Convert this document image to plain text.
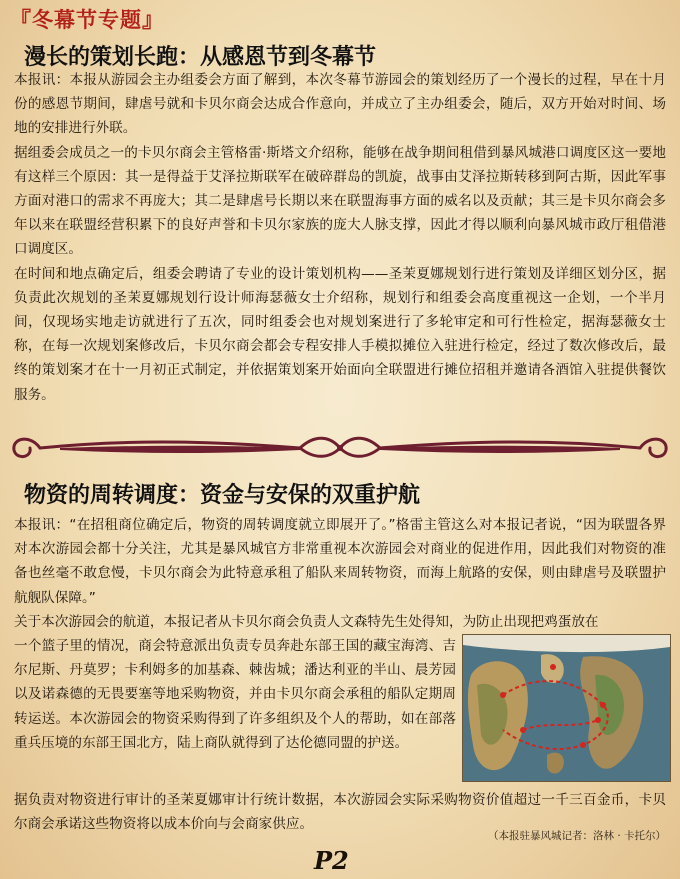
『冬幕节专题』
漫长的策划长跑：从感恩节到冬幕节

本报讯：本报从游园会主办组委会方面了解到，本次冬幕节游园会的策划经历了一个漫长的过程，早在十月份的感恩节期间，肆虐号就和卡贝尔商会达成合作意向，并成立了主办组委会，随后，双方开始对时间、场地的安排进行外联。

据组委会成员之一的卡贝尔商会主管格雷·斯塔文介绍称，能够在战争期间租借到暴风城港口调度区这一要地有这样三个原因：其一是得益于艾泽拉斯联军在破碎群岛的凯旋，战事由艾泽拉斯转移到阿古斯，因此军事方面对港口的需求不再庞大；其二是肆虐号长期以来在联盟海事方面的威名以及贡献；其三是卡贝尔商会多年以来在联盟经营积累下的良好声誉和卡贝尔家族的庞大人脉支撑，因此才得以顺利向暴风城市政厅租借港口调度区。

在时间和地点确定后，组委会聘请了专业的设计策划机构——圣茉夏娜规划行进行策划及详细区划分区，据负责此次规划的圣茉夏娜规划行设计师海瑟薇女士介绍称，规划行和组委会高度重视这一企划，一个半月间，仅现场实地走访就进行了五次，同时组委会也对规划案进行了多轮审定和可行性检定，据海瑟薇女士称，在每一次规划案修改后，卡贝尔商会都会专程安排人手模拟摊位入驻进行检定，经过了数次修改后，最终的策划案才在十一月初正式制定，并依据策划案开始面向全联盟进行摊位招租并邀请各酒馆入驻提供餐饮服务。

物资的周转调度：资金与安保的双重护航

本报讯：“在招租商位确定后，物资的周转调度就立即展开了。”格雷主管这么对本报记者说，“因为联盟各界对本次游园会都十分关注，尤其是暴风城官方非常重视本次游园会对商业的促进作用，因此我们对物资的准备也丝毫不敢怠慢，卡贝尔商会为此特意承租了船队来周转物资，而海上航路的安保，则由肆虐号及联盟护航舰队保障。”

关于本次游园会的航道，本报记者从卡贝尔商会负责人文森特先生处得知，为防止出现把鸡蛋放在

一个篮子里的情况，商会特意派出负责专员奔赴东部王国的藏宝海湾、吉尔尼斯、丹莫罗；卡利姆多的加基森、棘齿城；潘达利亚的半山、晨芳园以及诺森德的无畏要塞等地采购物资，并由卡贝尔商会承租的船队定期周转运送。本次游园会的物资采购得到了许多组织及个人的帮助，如在部落重兵压境的东部王国北方，陆上商队就得到了达伦德同盟的护送。

据负责对物资进行审计的圣茉夏娜审计行统计数据，本次游园会实际采购物资价值超过一千三百金币，卡贝尔商会承诺这些物资将以成本价向与会商家供应。

（本报驻暴风城记者：洛林 · 卡托尔）
P2
